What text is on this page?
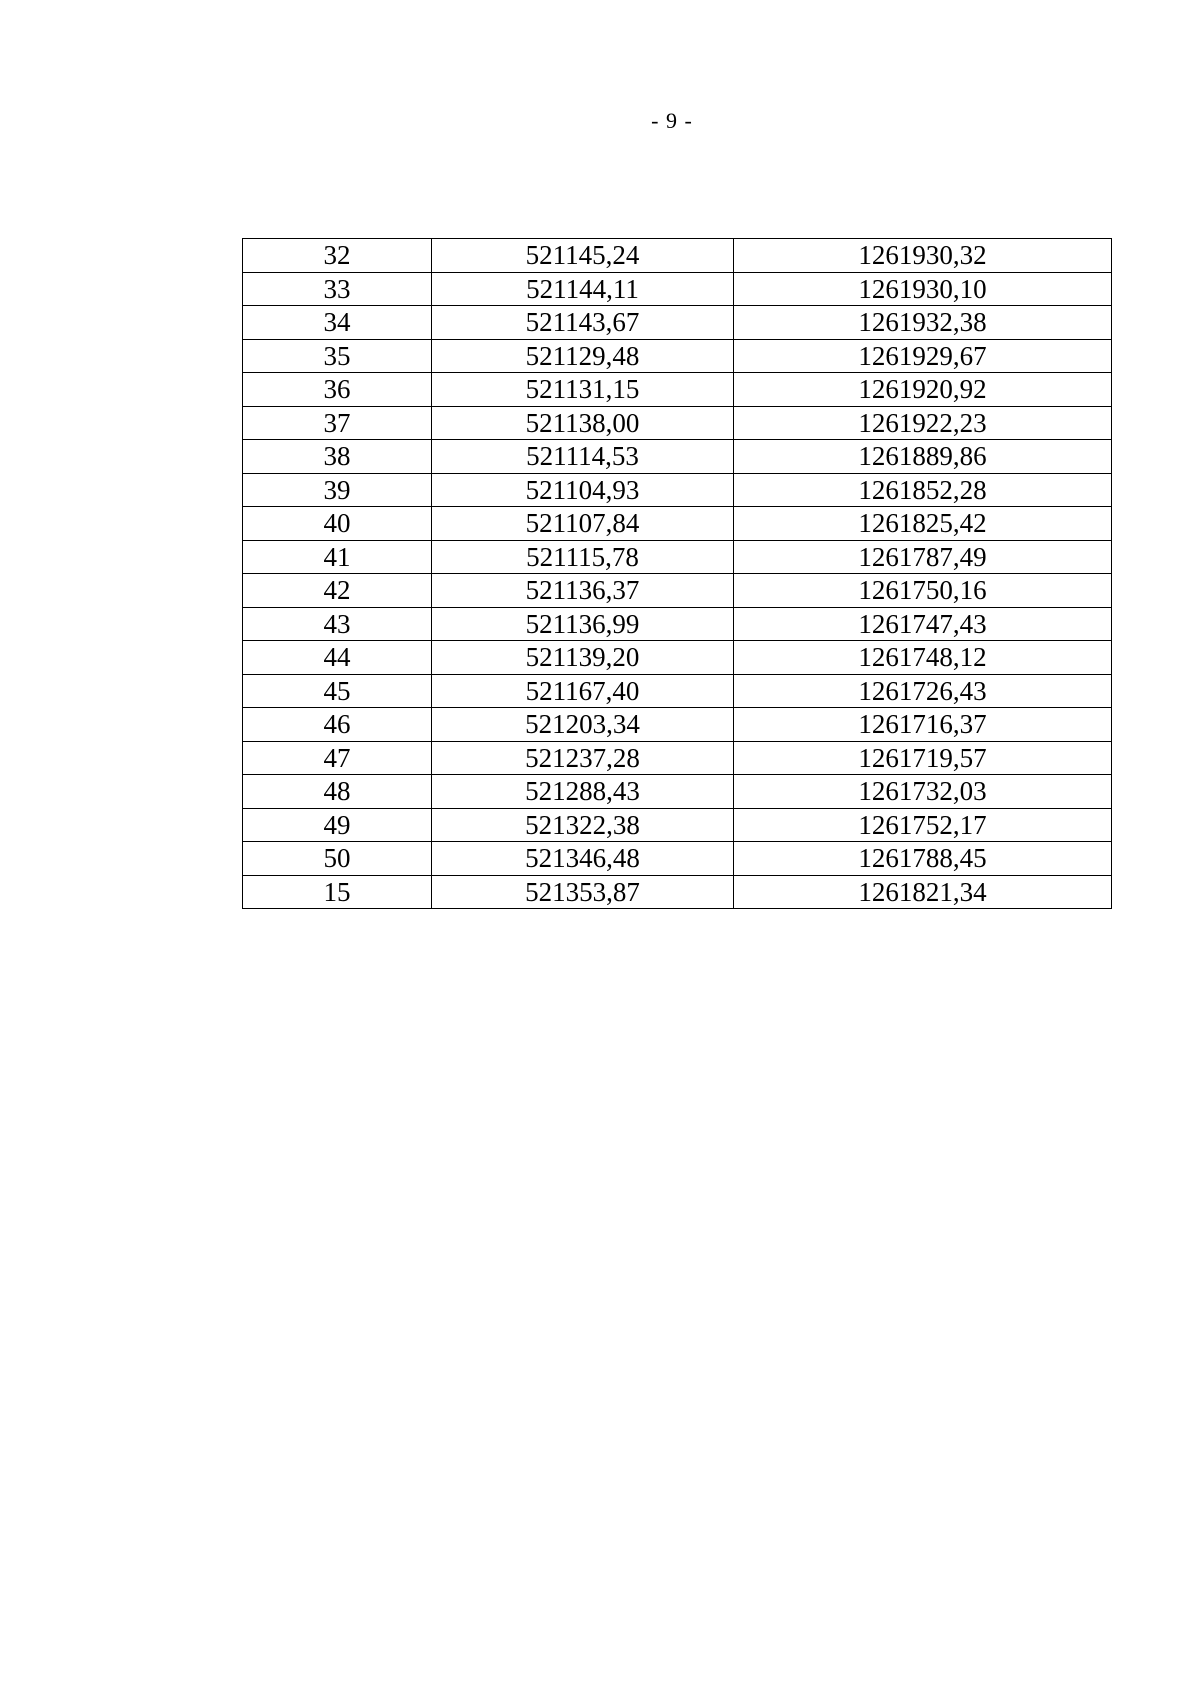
- 9 -
32	521145,24	1261930,32
33	521144,11	1261930,10
34	521143,67	1261932,38
35	521129,48	1261929,67
36	521131,15	1261920,92
37	521138,00	1261922,23
38	521114,53	1261889,86
39	521104,93	1261852,28
40	521107,84	1261825,42
41	521115,78	1261787,49
42	521136,37	1261750,16
43	521136,99	1261747,43
44	521139,20	1261748,12
45	521167,40	1261726,43
46	521203,34	1261716,37
47	521237,28	1261719,57
48	521288,43	1261732,03
49	521322,38	1261752,17
50	521346,48	1261788,45
15	521353,87	1261821,34
